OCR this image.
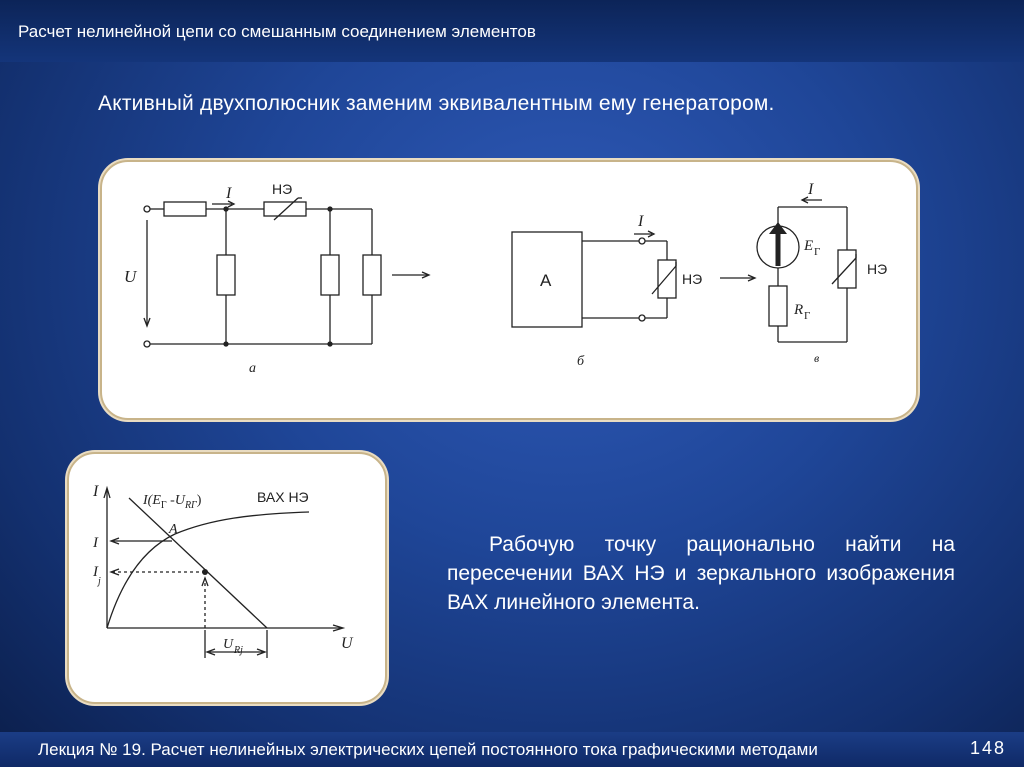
Расчет нелинейной цепи со смешанным соединением элементов
Активный двухполюсник заменим эквивалентным ему генератором.
I	НЭ
U
а
А
I
НЭ
б
I
E Г
R Г
НЭ
в
I
U
$I(E_Г$ $-U_{RГ}$)	ВАХ НЭ
A
I
I
j
U Rj
Рабочую точку рационально найти на пересечении ВАХ НЭ и зеркального изображения ВАХ линейного элемента.
Лекция № 19. Расчет нелинейных электрических цепей постоянного тока графическими методами	148
